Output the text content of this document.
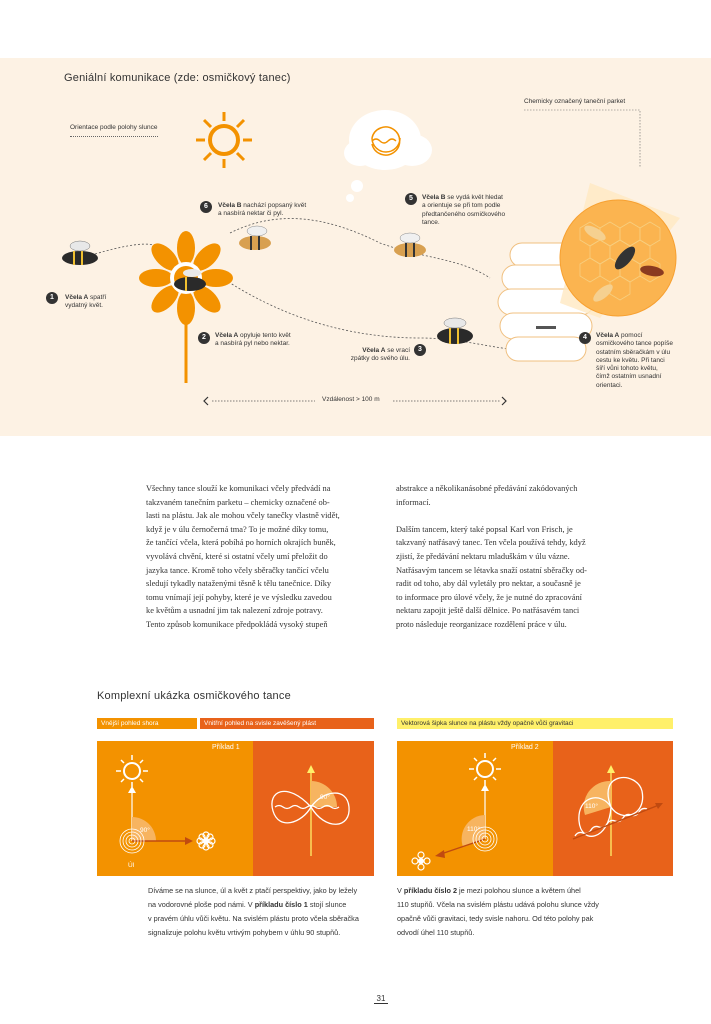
Geniální komunikace (zde: osmičkový tanec)
Orientace podle polohy slunce
Chemicky označený taneční parket
Vzdálenost > 100 m
1	Včela A spatří
vydatný květ.
2	Včela A opyluje tento květ
a nasbírá pyl nebo nektar.
3
Včela A se vrací
zpátky do svého úlu.
4	Včela A pomocí
osmičkového tance popíše
ostatním sběračkám v úlu
cestu ke květu. Při tanci
šíří vůni tohoto květu,
čímž ostatním usnadní
orientaci.
5	Včela B se vydá květ hledat
a orientuje se při tom podle
předtančeného osmičkového
tance.
6	Včela B nachází popsaný květ
a nasbírá nektar či pyl.
Všechny tance slouží ke komunikaci včely předvádí na
takzvaném tanečním parketu – chemicky označené ob-
lasti na plástu. Jak ale mohou včely tanečky vlastně vidět,
když je v úlu černočerná tma? To je možné díky tomu,
že tančící včela, která pobíhá po horních okrajích buněk,
vyvolává chvění, které si ostatní včely umí přeložit do
jazyka tance. Kromě toho včely sběračky tančící včelu
sledují tykadly nataženými těsně k tělu tanečnice. Díky
tomu vnímají její pohyby, které je ve výsledku zavedou
ke květům a usnadní jim tak nalezení zdroje potravy.
Tento způsob komunikace předpokládá vysoký stupeň
abstrakce a několikanásobné předávání zakódovaných
informací.
Dalším tancem, který také popsal Karl von Frisch, je
takzvaný natřásavý tanec. Ten včela používá tehdy, když
zjistí, že předávání nektaru mladuškám v úlu vázne.
Natřásavým tancem se létavka snaží ostatní sběračky od-
radit od toho, aby dál vyletály pro nektar, a současně je
to informace pro úlové včely, že je nutné do zpracování
nektaru zapojit ještě další dělnice. Po natřásavém tanci
proto následuje reorganizace rozdělení práce v úlu.
Komplexní ukázka osmičkového tance
Vnější pohled shora	Vnitřní pohled na svisle zavěšený plást	Vektorová šipka slunce na plástu vždy opačně vůči gravitaci
Příklad 1
90°
90°
Úl
Příklad 2
110°
110°
Díváme se na slunce, úl a květ z ptačí perspektivy, jako by ležely
na vodorovné ploše pod námi. V příkladu číslo 1 stojí slunce
v pravém úhlu vůči květu. Na svislém plástu proto včela sběračka
signalizuje polohu květu vrtivým pohybem v úhlu 90 stupňů.
V příkladu číslo 2 je mezi polohou slunce a květem úhel
110 stupňů. Včela na svislém plástu udává polohu slunce vždy
opačně vůči gravitaci, tedy svisle nahoru. Od této polohy pak
odvodí úhel 110 stupňů.
31
